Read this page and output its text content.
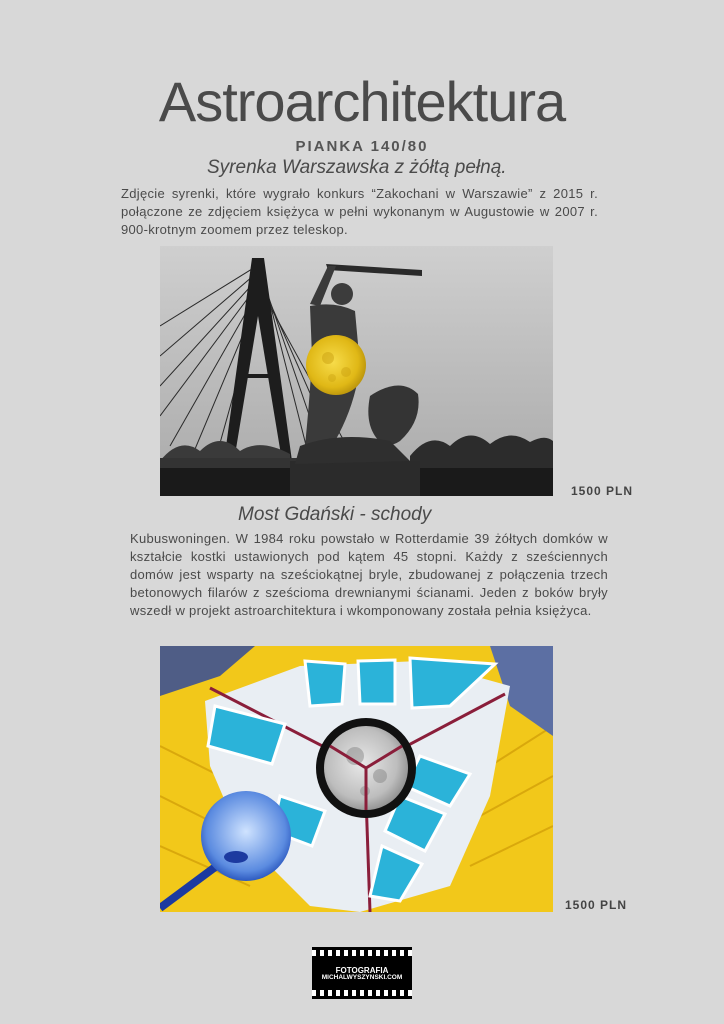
Astroarchitektura
PIANKA 140/80
Syrenka Warszawska z żółtą pełną.
Zdjęcie syrenki, które wygrało konkurs “Zakochani w Warszawie” z 2015 r. połączone ze zdjęciem księżyca w pełni wykonanym w Augustowie w 2007 r. 900-krotnym zoomem przez teleskop.
1500 PLN
Most Gdański - schody
Kubuswoningen. W 1984 roku powstało w Rotterdamie 39 żółtych domków w kształcie kostki ustawionych pod kątem 45 stopni. Każdy z sześciennych domów jest wsparty na sześciokątnej bryle, zbudowanej z połączenia trzech betonowych filarów z sześcioma drewnianymi ścianami. Jeden z boków bryły wszedł w projekt astroarchitektura i wkomponowany została pełnia księżyca.
1500 PLN
FOTOGRAFIA
MICHALWYSZYNSKI.COM
